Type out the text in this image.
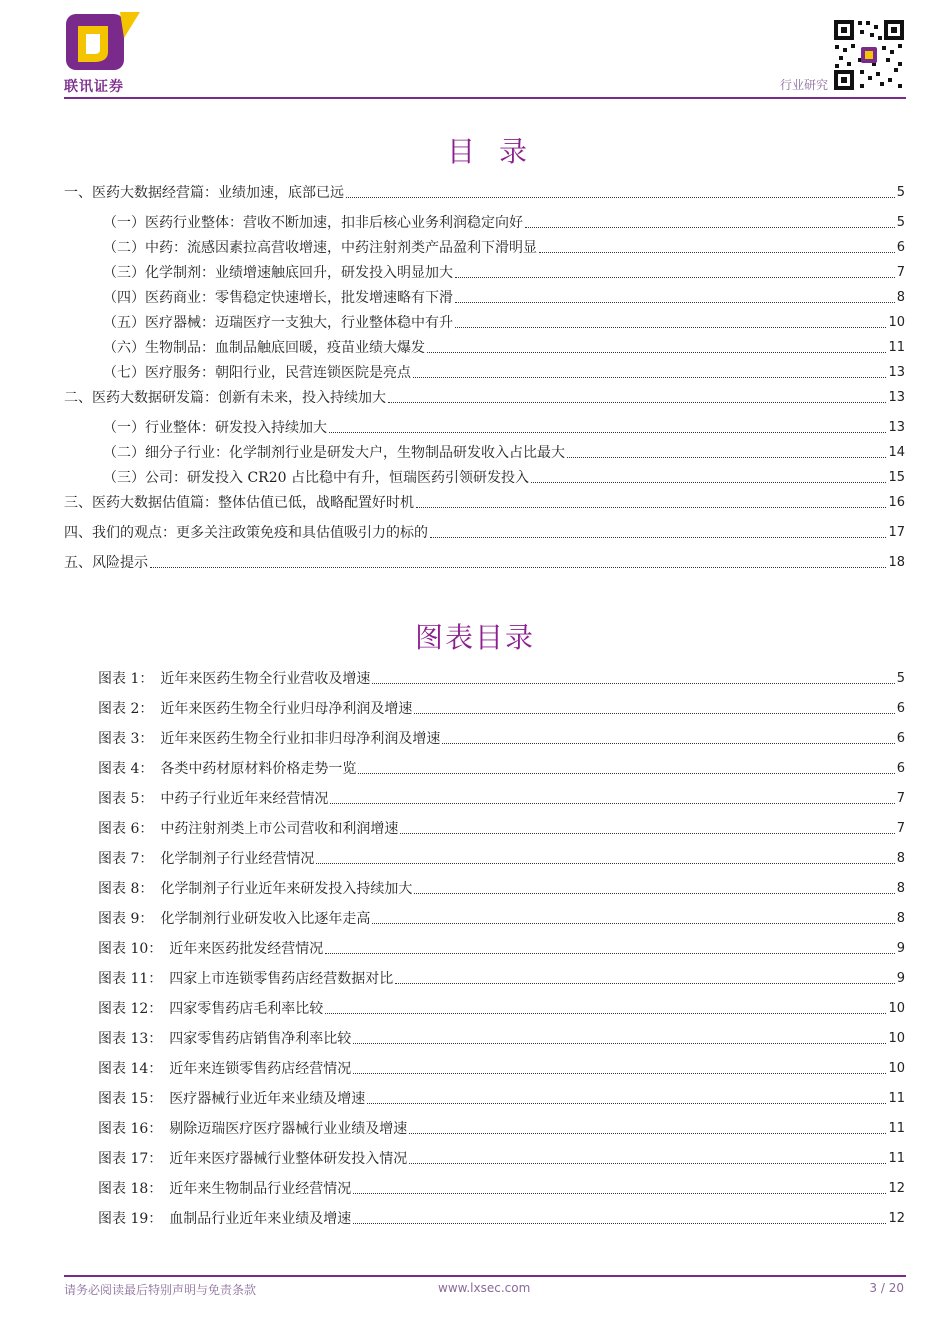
联讯证券	行业研究
目录
一、医药大数据经营篇：业绩加速，底部已远	5
（一）医药行业整体：营收不断加速，扣非后核心业务利润稳定向好	5
（二）中药：流感因素拉高营收增速，中药注射剂类产品盈利下滑明显	6
（三）化学制剂：业绩增速触底回升，研发投入明显加大	7
（四）医药商业：零售稳定快速增长，批发增速略有下滑	8
（五）医疗器械：迈瑞医疗一支独大，行业整体稳中有升	10
（六）生物制品：血制品触底回暖，疫苗业绩大爆发	11
（七）医疗服务：朝阳行业，民营连锁医院是亮点	13
二、医药大数据研发篇：创新有未来，投入持续加大	13
（一）行业整体：研发投入持续加大	13
（二）细分子行业：化学制剂行业是研发大户，生物制品研发收入占比最大	14
（三）公司：研发投入 CR20 占比稳中有升，恒瑞医药引领研发投入	15
三、医药大数据估值篇：整体估值已低，战略配置好时机	16
四、我们的观点：更多关注政策免疫和具估值吸引力的标的	17
五、风险提示	18
图表目录
图表 1：　近年来医药生物全行业营收及增速	5
图表 2：　近年来医药生物全行业归母净利润及增速	6
图表 3：　近年来医药生物全行业扣非归母净利润及增速	6
图表 4：　各类中药材原材料价格走势一览	6
图表 5：　中药子行业近年来经营情况	7
图表 6：　中药注射剂类上市公司营收和利润增速	7
图表 7：　化学制剂子行业经营情况	8
图表 8：　化学制剂子行业近年来研发投入持续加大	8
图表 9：　化学制剂行业研发收入比逐年走高	8
图表 10：　近年来医药批发经营情况	9
图表 11：　四家上市连锁零售药店经营数据对比	9
图表 12：　四家零售药店毛利率比较	10
图表 13：　四家零售药店销售净利率比较	10
图表 14：　近年来连锁零售药店经营情况	10
图表 15：　医疗器械行业近年来业绩及增速	11
图表 16：　剔除迈瑞医疗医疗器械行业业绩及增速	11
图表 17：　近年来医疗器械行业整体研发投入情况	11
图表 18：　近年来生物制品行业经营情况	12
图表 19：　血制品行业近年来业绩及增速	12
请务必阅读最后特别声明与免责条款	www.lxsec.com	3 / 20
